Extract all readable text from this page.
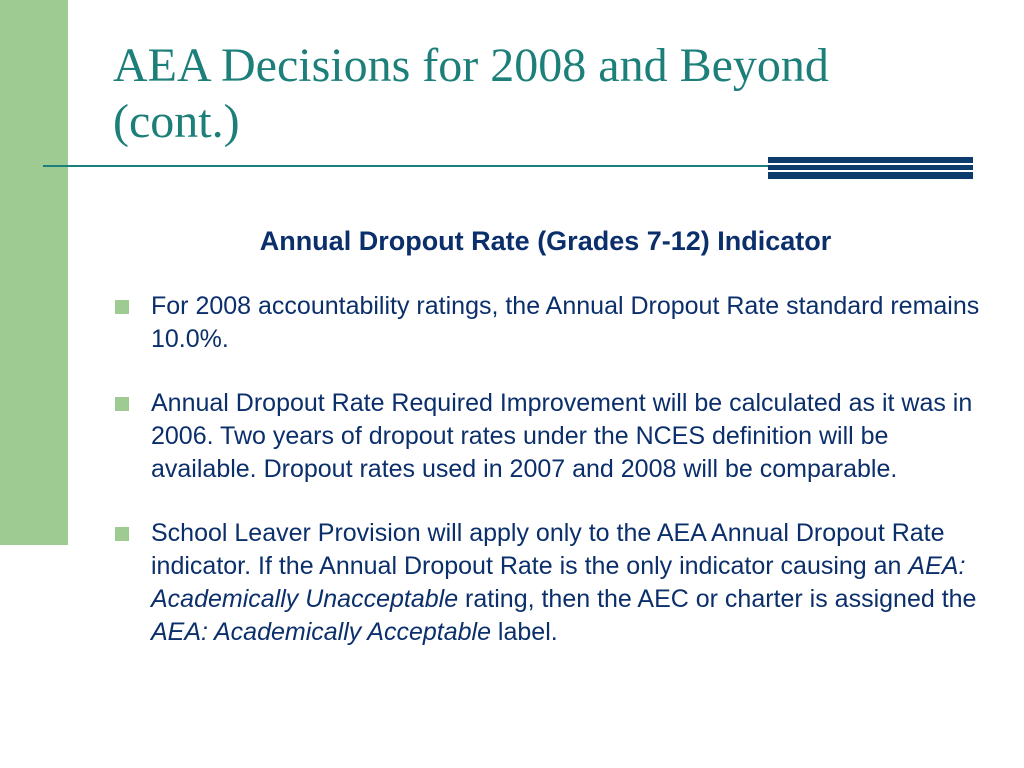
AEA Decisions for 2008 and Beyond
(cont.)
Annual Dropout Rate (Grades 7-12) Indicator
For 2008 accountability ratings, the Annual Dropout Rate standard remains 10.0%.
Annual Dropout Rate Required Improvement will be calculated as it was in 2006. Two years of dropout rates under the NCES definition will be available. Dropout rates used in 2007 and 2008 will be comparable.
School Leaver Provision will apply only to the AEA Annual Dropout Rate indicator. If the Annual Dropout Rate is the only indicator causing an AEA: Academically Unacceptable rating, then the AEC or charter is assigned the
AEA: Academically Acceptable label.
